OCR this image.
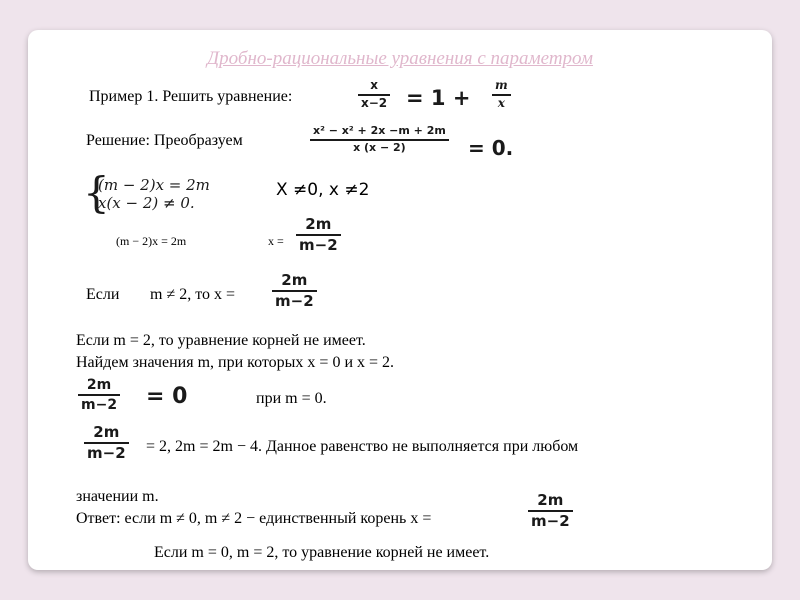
Дробно-рациональные уравнения с параметром
Пример 1. Решить уравнение:
x
x−2 = 1 +
m
x
Решение: Преобразуем
x² − x² + 2x −m + 2m
x (x − 2)	= 0.
{
(m − 2)x = 2m
x(x − 2) ≠ 0.
X ≠0, x ≠2
(m − 2)x = 2m	x =
2m
m−2
Если m ≠ 2, то x =
2m
m−2
Если m = 2, то уравнение корней не имеет.
Найдем значения m, при которых x = 0 и x = 2.
2m
m−2 = 0	при m = 0.
2m
m−2 = 2, 2m = 2m − 4. Данное равенство не выполняется при любом
значении m.
Ответ: если m ≠ 0, m ≠ 2 − единственный корень x =
2m
m−2
Если m = 0, m = 2, то уравнение корней не имеет.
